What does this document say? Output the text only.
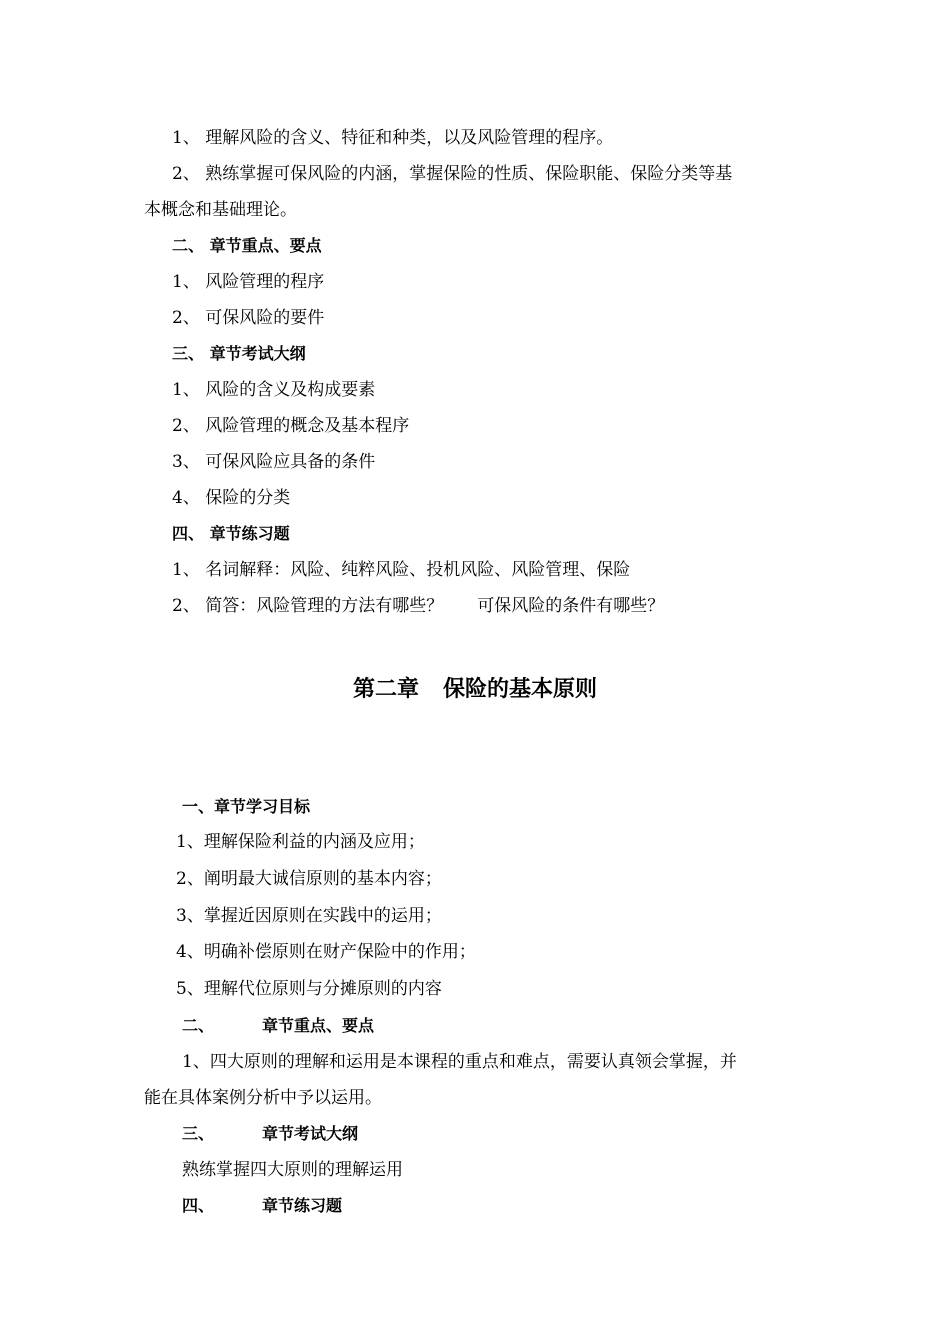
1、 理解风险的含义、特征和种类，以及风险管理的程序。
2、 熟练掌握可保风险的内涵，掌握保险的性质、保险职能、保险分类等基
本概念和基础理论。
二、 章节重点、要点
1、 风险管理的程序
2、 可保风险的要件
三、 章节考试大纲
1、 风险的含义及构成要素
2、 风险管理的概念及基本程序
3、 可保风险应具备的条件
4、 保险的分类
四、 章节练习题
1、 名词解释：风险、纯粹风险、投机风险、风险管理、保险
2、 简答：风险管理的方法有哪些？ 可保风险的条件有哪些？
第二章 保险的基本原则
一、章节学习目标
1、理解保险利益的内涵及应用；
2、阐明最大诚信原则的基本内容；
3、掌握近因原则在实践中的运用；
4、明确补偿原则在财产保险中的作用；
5、理解代位原则与分摊原则的内容
二、	章节重点、要点
1、四大原则的理解和运用是本课程的重点和难点，需要认真领会掌握，并
能在具体案例分析中予以运用。
三、	章节考试大纲
熟练掌握四大原则的理解运用
四、	章节练习题
